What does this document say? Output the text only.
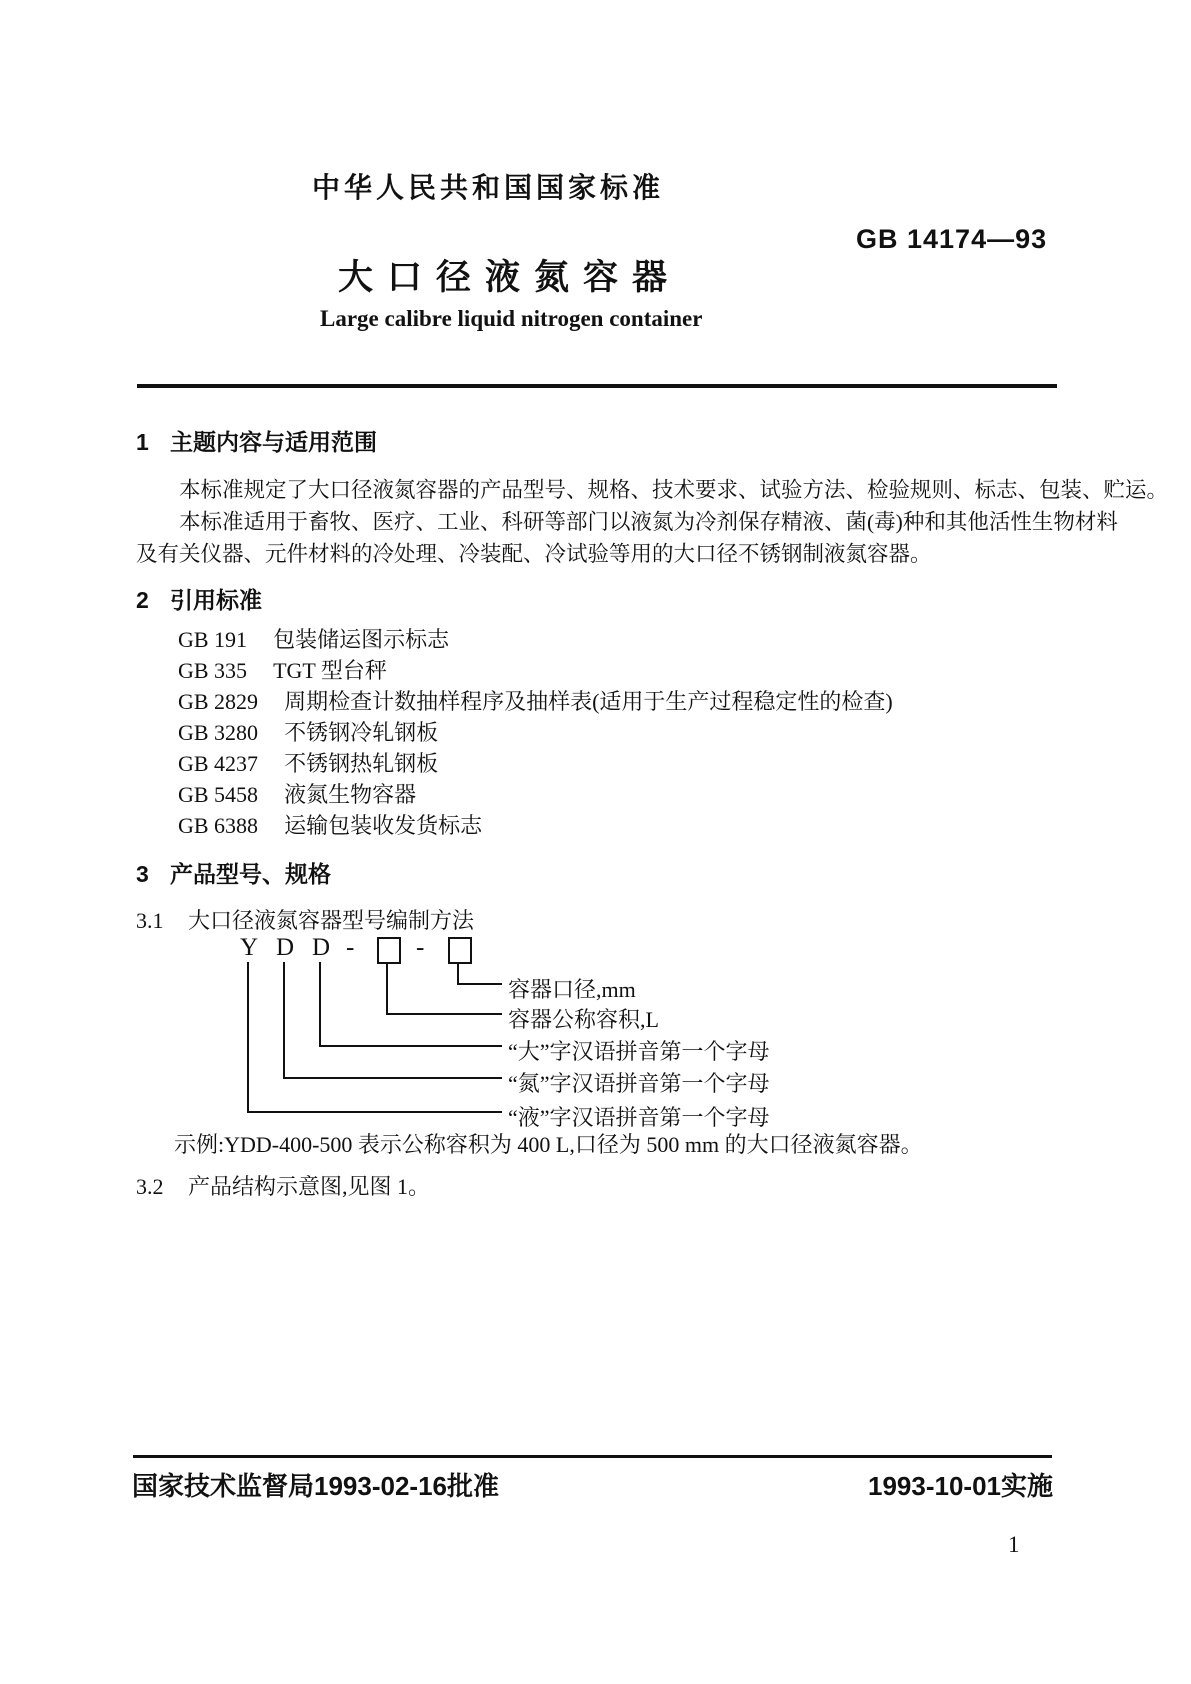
中华人民共和国国家标准
GB 14174—93
大口径液氮容器
Large calibre liquid nitrogen container
1 主题内容与适用范围
本标准规定了大口径液氮容器的产品型号、规格、技术要求、试验方法、检验规则、标志、包装、贮运。
本标准适用于畜牧、医疗、工业、科研等部门以液氮为冷剂保存精液、菌(毒)种和其他活性生物材料
及有关仪器、元件材料的冷处理、冷装配、冷试验等用的大口径不锈钢制液氮容器。
2 引用标准
GB 191 包装储运图示标志
GB 335 TGT 型台秤
GB 2829 周期检查计数抽样程序及抽样表(适用于生产过程稳定性的检查)
GB 3280 不锈钢冷轧钢板
GB 4237 不锈钢热轧钢板
GB 5458 液氮生物容器
GB 6388 运输包装收发货标志
3 产品型号、规格
3.1 大口径液氮容器型号编制方法
Y D D - -
容器口径,mm
容器公称容积,L
“大”字汉语拼音第一个字母
“氮”字汉语拼音第一个字母
“液”字汉语拼音第一个字母
示例:YDD-400-500 表示公称容积为 400 L,口径为 500 mm 的大口径液氮容器。
3.2 产品结构示意图,见图 1。
国家技术监督局1993-02-16批准	1993-10-01实施
1
